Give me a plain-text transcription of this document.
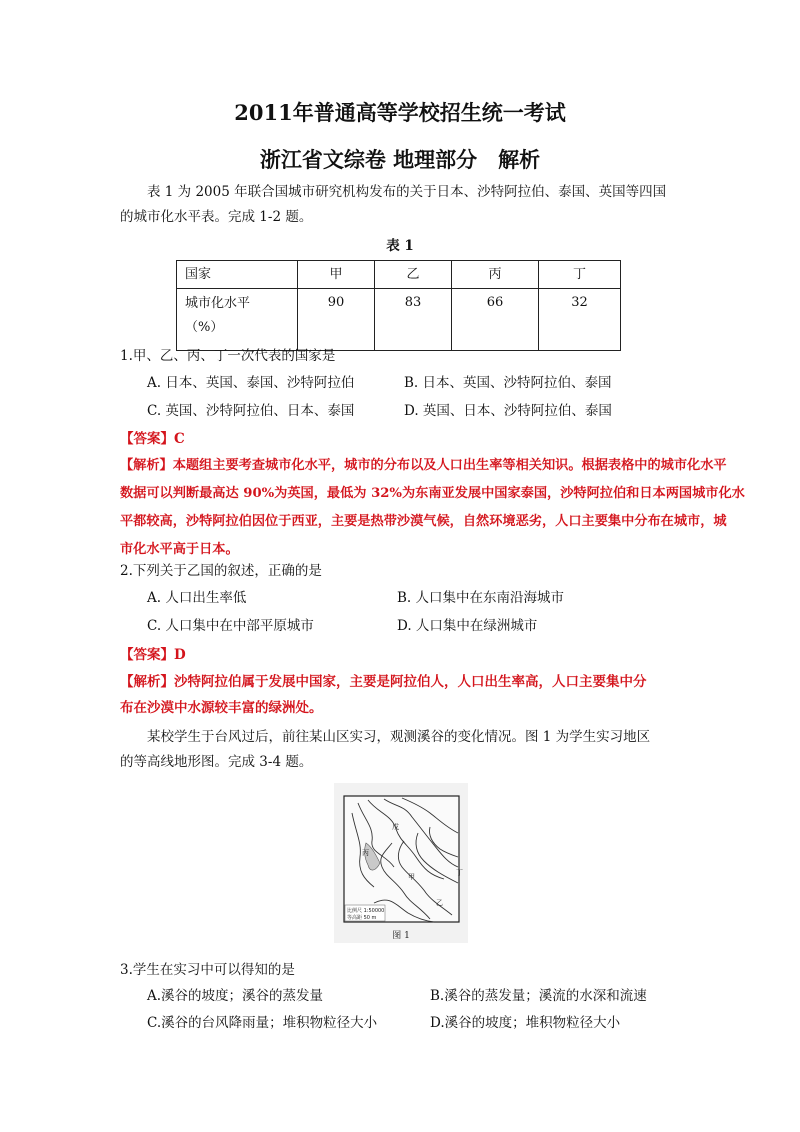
2011年普通高等学校招生统一考试
浙江省文综卷 地理部分　解析
表 1 为 2005 年联合国城市研究机构发布的关于日本、沙特阿拉伯、泰国、英国等四国
的城市化水平表。完成 1-2 题。
表 1
国家	甲	乙	丙	丁

城市化水平
（%）	90	83	66	32
1.甲、乙、丙、丁一次代表的国家是
A. 日本、英国、泰国、沙特阿拉伯	B. 日本、英国、沙特阿拉伯、泰国
C. 英国、沙特阿拉伯、日本、泰国	D. 英国、日本、沙特阿拉伯、泰国
【答案】C
【解析】本题组主要考查城市化水平，城市的分布以及人口出生率等相关知识。根据表格中的城市化水平
数据可以判断最高达 90%为英国，最低为 32%为东南亚发展中国家泰国，沙特阿拉伯和日本两国城市化水
平都较高，沙特阿拉伯因位于西亚，主要是热带沙漠气候，自然环境恶劣，人口主要集中分布在城市，城
市化水平高于日本。
2.下列关于乙国的叙述，正确的是
A. 人口出生率低	B. 人口集中在东南沿海城市
C. 人口集中在中部平原城市	D. 人口集中在绿洲城市
【答案】D
【解析】沙特阿拉伯属于发展中国家，主要是阿拉伯人，人口出生率高，人口主要集中分
布在沙漠中水源较丰富的绿洲处。
某校学生于台风过后，前往某山区实习，观测溪谷的变化情况。图 1 为学生实习地区
的等高线地形图。完成 3-4 题。
戊
丙
甲
乙
丁
比例尺 1:50000
等高距 50 m
图 1
3.学生在实习中可以得知的是
A.溪谷的坡度；溪谷的蒸发量	B.溪谷的蒸发量；溪流的水深和流速
C.溪谷的台风降雨量；堆积物粒径大小	D.溪谷的坡度；堆积物粒径大小
